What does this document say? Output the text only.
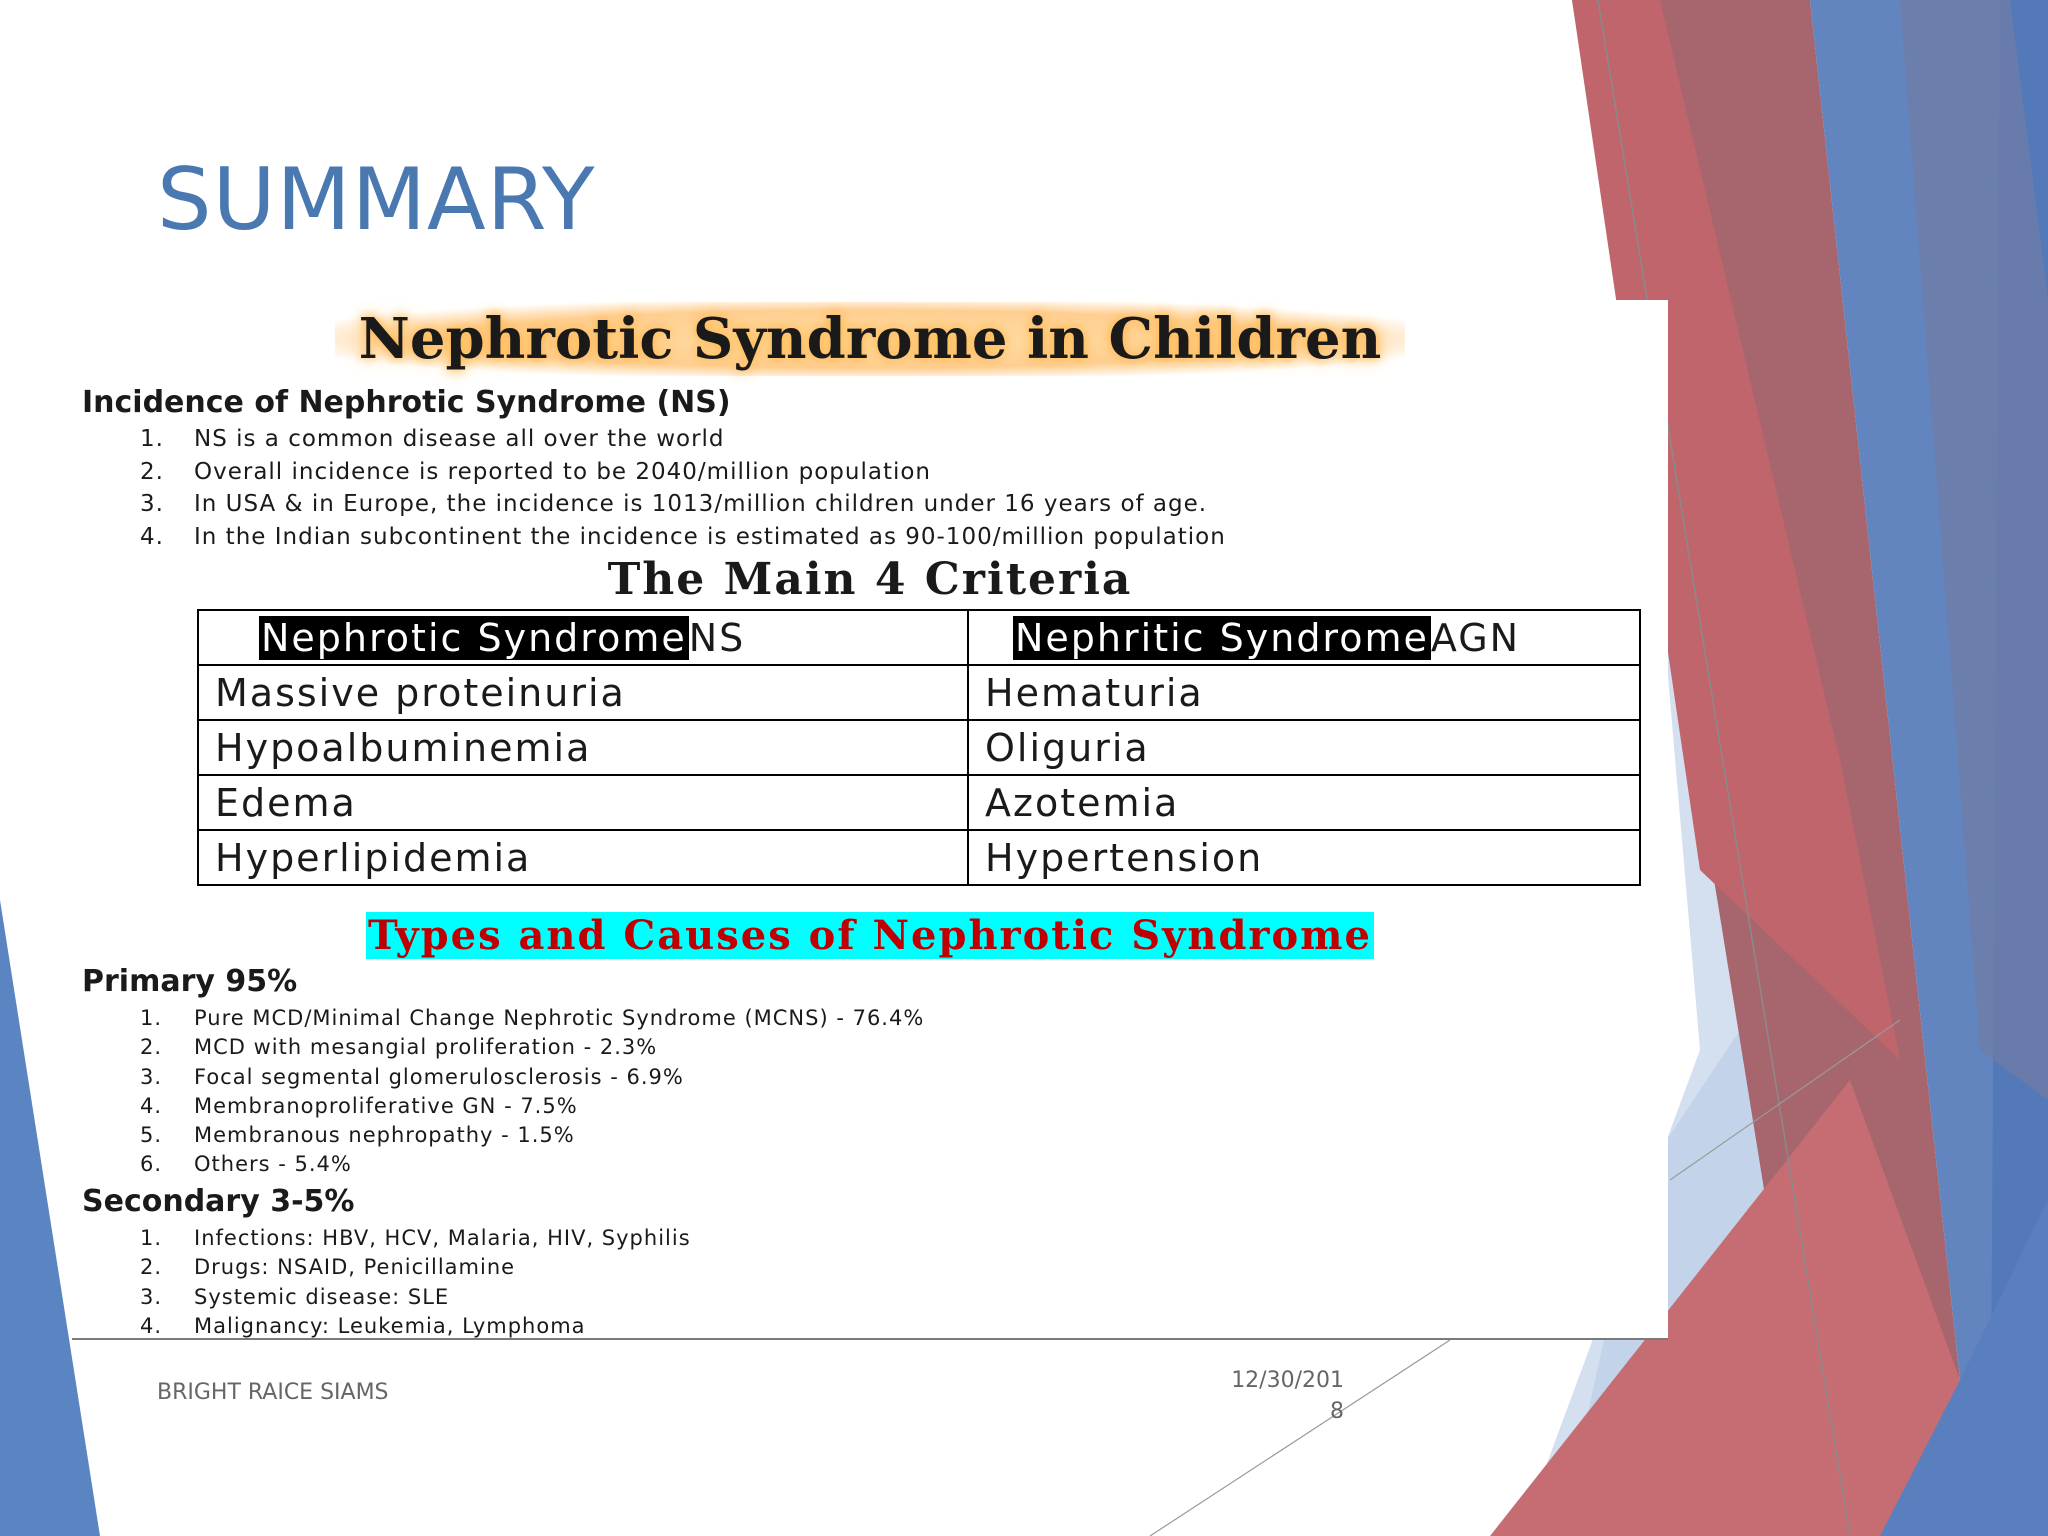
SUMMARY
Nephrotic Syndrome in Children
Incidence of Nephrotic Syndrome (NS)
1.	NS is a common disease all over the world
2.	Overall incidence is reported to be 2040/million population
3.	In USA & in Europe, the incidence is 1013/million children under 16 years of age.
4.	In the Indian subcontinent the incidence is estimated as 90-100/million population
The Main 4 Criteria
Nephrotic SyndromeNS	Nephritic SyndromeAGN
Massive proteinuria	Hematuria
Hypoalbuminemia	Oliguria
Edema	Azotemia
Hyperlipidemia	Hypertension
Types and Causes of Nephrotic Syndrome
Primary 95%
1.	Pure MCD/Minimal Change Nephrotic Syndrome (MCNS) - 76.4%
2.	MCD with mesangial proliferation - 2.3%
3.	Focal segmental glomerulosclerosis - 6.9%
4.	Membranoproliferative GN - 7.5%
5.	Membranous nephropathy - 1.5%
6.	Others - 5.4%
Secondary 3-5%
1.	Infections: HBV, HCV, Malaria, HIV, Syphilis
2.	Drugs: NSAID, Penicillamine
3.	Systemic disease: SLE
4.	Malignancy: Leukemia, Lymphoma
BRIGHT RAICE SIAMS	12/30/2018
